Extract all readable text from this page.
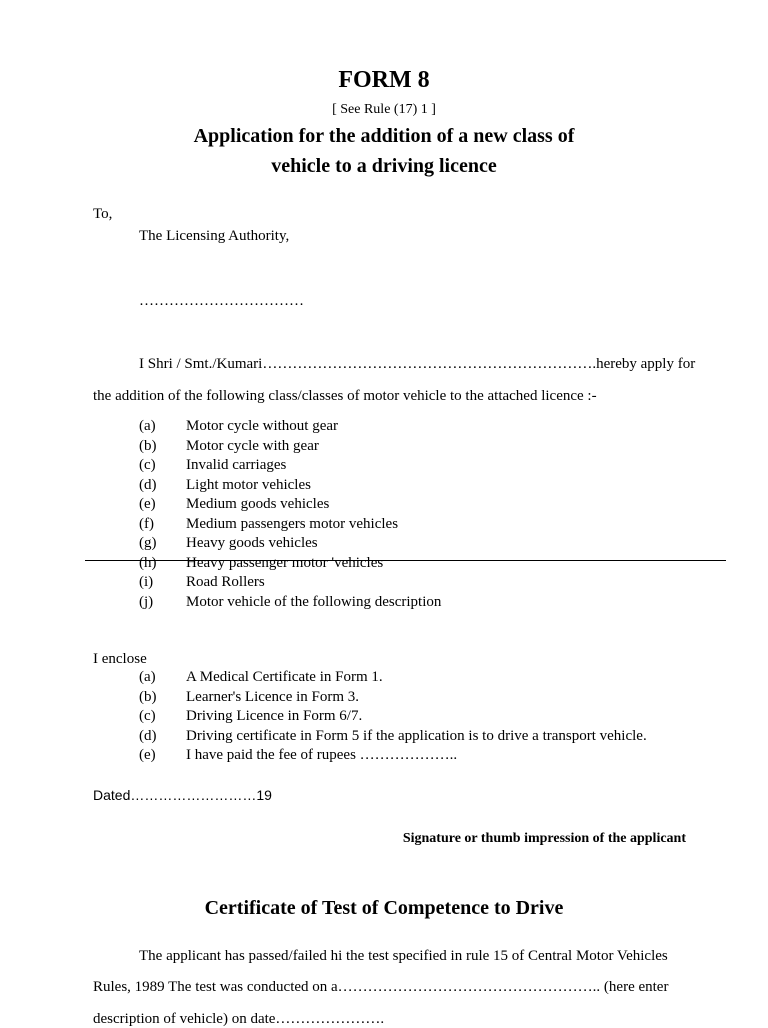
FORM 8
[ See Rule (17) 1 ]
Application for the addition of a new class of
vehicle to a driving licence
To,
The Licensing Authority,
……………………………
I Shri / Smt./Kumari………………………………………………………….hereby apply for
the addition of the following class/classes of motor vehicle to the attached licence :-
(a) Motor cycle without gear
(b) Motor cycle with gear
(c) Invalid carriages
(d) Light motor vehicles
(e) Medium goods vehicles
(f) Medium passengers motor vehicles
(g) Heavy goods vehicles
(h) Heavy passenger motor 'vehicles
(i) Road Rollers
(j) Motor vehicle of the following description
I enclose
(a) A Medical Certificate in Form 1.
(b) Learner's Licence in Form 3.
(c) Driving Licence in Form 6/7.
(d) Driving certificate in Form 5 if the application is to drive a transport vehicle.
(e) I have paid the fee of rupees ………………..
Dated………………………19
Signature or thumb impression of the applicant
Certificate of Test of Competence to Drive
The applicant has passed/failed hi the test specified in rule 15 of Central Motor Vehicles
Rules, 1989 The test was conducted on a…………………………………………….. (here enter
description of vehicle) on date………………….
